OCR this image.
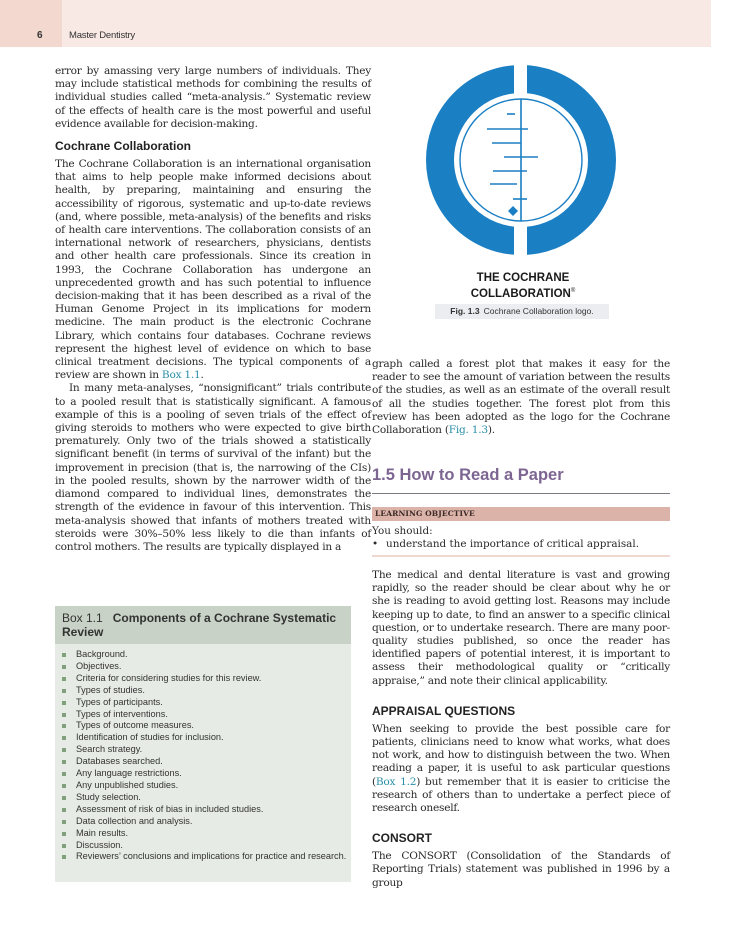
6	Master Dentistry

error by amassing very large numbers of individuals. They may include statistical methods for combining the results of individual studies called “meta-analysis.” Systematic review of the effects of health care is the most powerful and useful evidence available for decision-making.

Cochrane Collaboration

The Cochrane Collaboration is an international organisation that aims to help people make informed decisions about health, by preparing, maintaining and ensuring the accessibility of rigorous, systematic and up-to-date reviews (and, where possible, meta-analysis) of the benefits and risks of health care interventions. The collaboration consists of an international network of researchers, physicians, dentists and other health care professionals. Since its creation in 1993, the Cochrane Collaboration has undergone an unprecedented growth and has such potential to influence decision-making that it has been described as a rival of the Human Genome Project in its implications for modern medicine. The main product is the electronic Cochrane Library, which contains four databases. Cochrane reviews represent the highest level of evidence on which to base clinical treatment decisions. The typical components of a review are shown in Box 1.1.

In many meta-analyses, “nonsignificant” trials contribute to a pooled result that is statistically significant. A famous example of this is a pooling of seven trials of the effect of giving steroids to mothers who were expected to give birth prematurely. Only two of the trials showed a statistically significant benefit (in terms of survival of the infant) but the improvement in precision (that is, the narrowing of the CIs) in the pooled results, shown by the narrower width of the diamond compared to individual lines, demonstrates the strength of the evidence in favour of this intervention. This meta-analysis showed that infants of mothers treated with steroids were 30%–50% less likely to die than infants of control mothers. The results are typically displayed in a

Box 1.1 Components of a Cochrane Systematic Review
Background.
Objectives.
Criteria for considering studies for this review.
Types of studies.
Types of participants.
Types of interventions.
Types of outcome measures.
Identification of studies for inclusion.
Search strategy.
Databases searched.
Any language restrictions.
Any unpublished studies.
Study selection.
Assessment of risk of bias in included studies.
Data collection and analysis.
Main results.
Discussion.
Reviewers’ conclusions and implications for practice and research.
THE COCHRANE
COLLABORATION®
Fig. 1.3 Cochrane Collaboration logo.

graph called a forest plot that makes it easy for the reader to see the amount of variation between the results of the studies, as well as an estimate of the overall result of all the studies together. The forest plot from this review has been adopted as the logo for the Cochrane Collaboration (Fig. 1.3).

1.5 How to Read a Paper
LEARNING OBJECTIVE
You should:
• understand the importance of critical appraisal.

The medical and dental literature is vast and growing rapidly, so the reader should be clear about why he or she is reading to avoid getting lost. Reasons may include keeping up to date, to find an answer to a specific clinical question, or to undertake research. There are many poor-quality studies published, so once the reader has identified papers of potential interest, it is important to assess their methodological quality or “critically appraise,” and note their clinical applicability.

APPRAISAL QUESTIONS

When seeking to provide the best possible care for patients, clinicians need to know what works, what does not work, and how to distinguish between the two. When reading a paper, it is useful to ask particular questions (Box 1.2) but remember that it is easier to criticise the research of others than to undertake a perfect piece of research oneself.

CONSORT

The CONSORT (Consolidation of the Standards of Reporting Trials) statement was published in 1996 by a group
